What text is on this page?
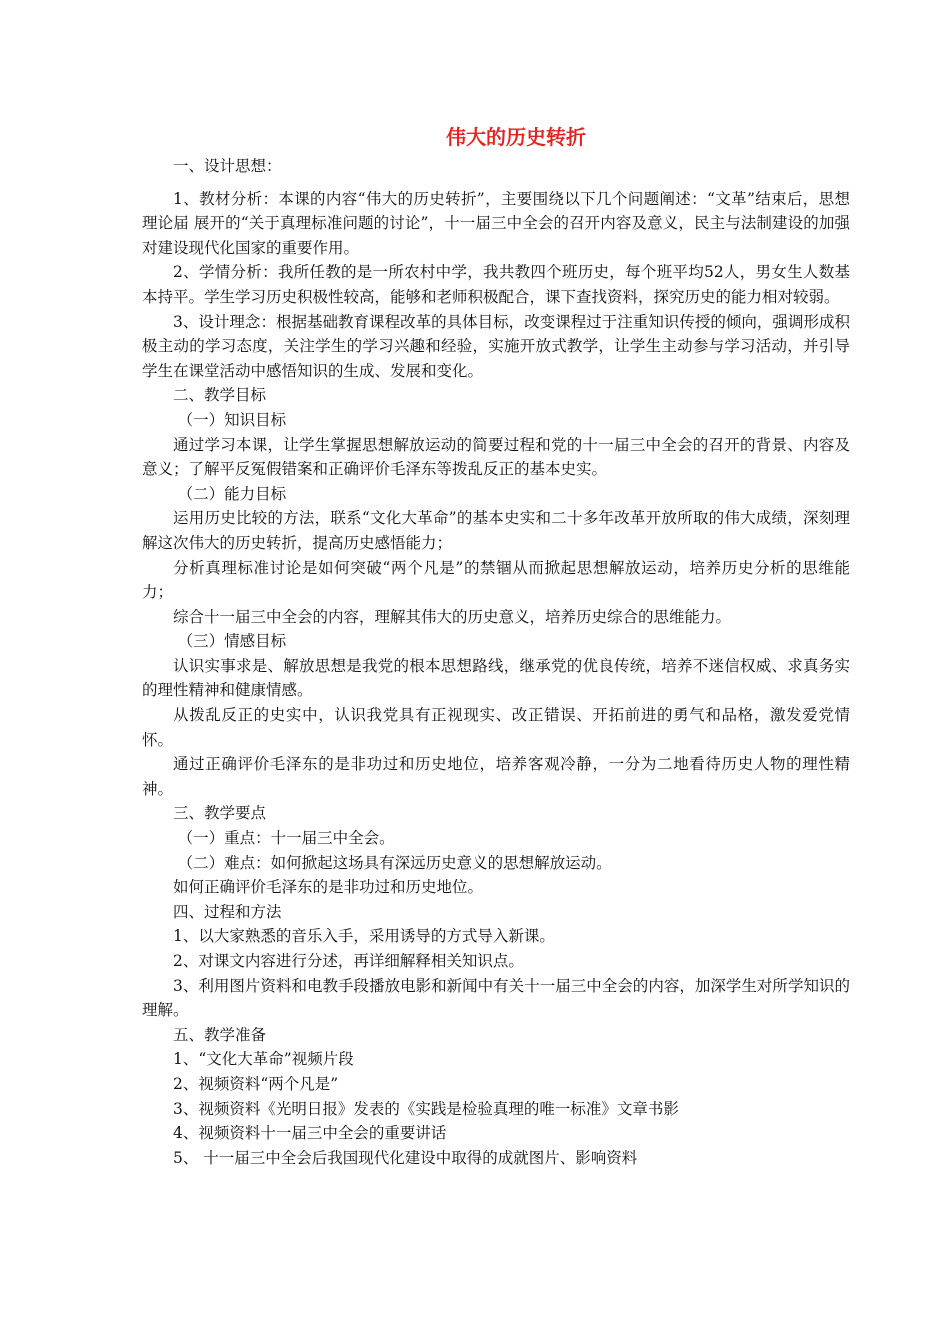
伟大的历史转折

一、设计思想：

1、教材分析：本课的内容“伟大的历史转折”，主要围绕以下几个问题阐述：“文革”结束后，思想理论届 展开的“关于真理标准问题的讨论”，十一届三中全会的召开内容及意义，民主与法制建设的加强对建设现代化国家的重要作用。

2、学情分析：我所任教的是一所农村中学，我共教四个班历史，每个班平均52人，男女生人数基本持平。学生学习历史积极性较高，能够和老师积极配合，课下查找资料，探究历史的能力相对较弱。

3、设计理念：根据基础教育课程改革的具体目标，改变课程过于注重知识传授的倾向，强调形成积极主动的学习态度，关注学生的学习兴趣和经验，实施开放式教学，让学生主动参与学习活动，并引导学生在课堂活动中感悟知识的生成、发展和变化。

二、教学目标

（一）知识目标

通过学习本课，让学生掌握思想解放运动的简要过程和党的十一届三中全会的召开的背景、内容及意义；了解平反冤假错案和正确评价毛泽东等拨乱反正的基本史实。

（二）能力目标

运用历史比较的方法，联系“文化大革命”的基本史实和二十多年改革开放所取的伟大成绩，深刻理解这次伟大的历史转折，提高历史感悟能力；

分析真理标准讨论是如何突破“两个凡是”的禁锢从而掀起思想解放运动，培养历史分析的思维能力；

综合十一届三中全会的内容，理解其伟大的历史意义，培养历史综合的思维能力。

（三）情感目标

认识实事求是、解放思想是我党的根本思想路线，继承党的优良传统，培养不迷信权威、求真务实的理性精神和健康情感。

从拨乱反正的史实中，认识我党具有正视现实、改正错误、开拓前进的勇气和品格，激发爱党情怀。

通过正确评价毛泽东的是非功过和历史地位，培养客观冷静，一分为二地看待历史人物的理性精神。

三、教学要点

（一）重点：十一届三中全会。

（二）难点：如何掀起这场具有深远历史意义的思想解放运动。

如何正确评价毛泽东的是非功过和历史地位。

四、过程和方法

1、以大家熟悉的音乐入手，采用诱导的方式导入新课。

2、对课文内容进行分述，再详细解释相关知识点。

3、利用图片资料和电教手段播放电影和新闻中有关十一届三中全会的内容，加深学生对所学知识的理解。

五、教学准备

1、“文化大革命”视频片段

2、视频资料“两个凡是”

3、视频资料《光明日报》发表的《实践是检验真理的唯一标准》文章书影

4、视频资料十一届三中全会的重要讲话

5、 十一届三中全会后我国现代化建设中取得的成就图片、影响资料
